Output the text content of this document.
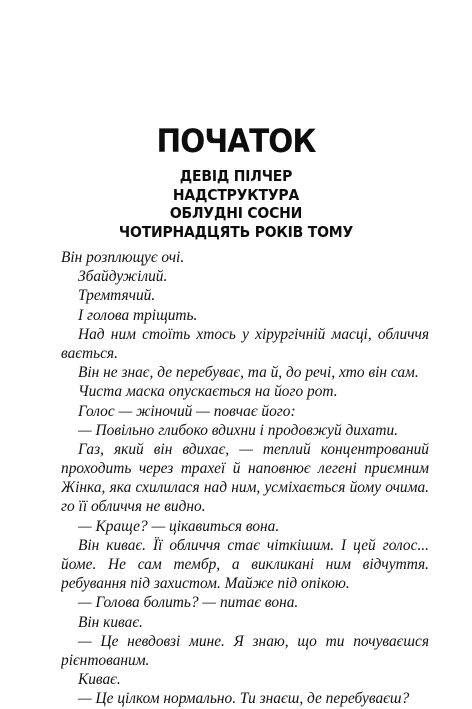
ПОЧАТОК
ДЕВІД ПІЛЧЕР
НАДСТРУКТУРА
ОБЛУДНІ СОСНИ
ЧОТИРНАДЦЯТЬ РОКІВ ТОМУ
Він розплющує очі.
Збайдужілий.
Тремтячий.
І голова тріщить.
Над ним стоїть хтось у хірургічній масці, обличчя
вається.
Він не знає, де перебуває, та й, до речі, хто він сам.
Чиста маска опускається на його рот.
Голос — жіночий — повчає його:
— Повільно глибоко вдихни і продовжуй дихати.
Газ, який він вдихає, — теплий концентрований
проходить через трахеї й наповнює легені приємним
Жінка, яка схилилася над ним, усміхається йому очима.
го її обличчя не видно.
— Краще? — цікавиться вона.
Він киває. Її обличчя стає чіткішим. І цей голос...
йоме. Не сам тембр, а викликані ним відчуття.
ребування під захистом. Майже під опікою.
— Голова болить? — питає вона.
Він киває.
— Це невдовзі мине. Я знаю, що ти почуваєшся
рієнтованим.
Киває.
— Це цілком нормально. Ти знаєш, де перебуваєш?
